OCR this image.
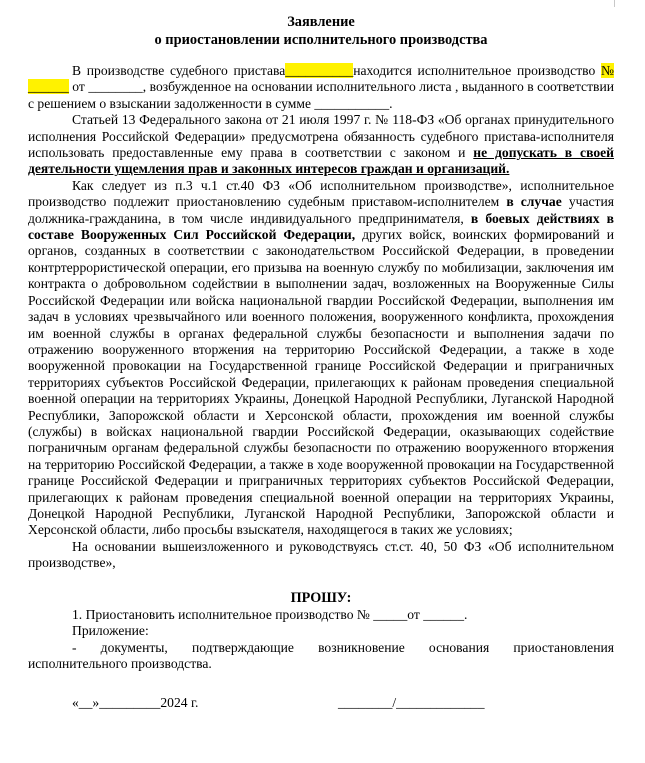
Заявление
о приостановлении исполнительного производства

В производстве судебного пристава__________находится исполнительное производство № ______ от ________, возбужденное на основании исполнительного листа , выданного в соответствии с решением о взыскании задолженности в сумме ___________.

Статьей 13 Федерального закона от 21 июля 1997 г. № 118-ФЗ «Об органах принудительного исполнения Российской Федерации» предусмотрена обязанность судебного пристава-исполнителя использовать предоставленные ему права в соответствии с законом и не допускать в своей деятельности ущемления прав и законных интересов граждан и организаций.

Как следует из п.3 ч.1 ст.40 ФЗ «Об исполнительном производстве», исполнительное производство подлежит приостановлению судебным приставом-исполнителем в случае участия должника-гражданина, в том числе индивидуального предпринимателя, в боевых действиях в составе Вооруженных Сил Российской Федерации, других войск, воинских формирований и органов, созданных в соответствии с законодательством Российской Федерации, в проведении контртеррористической операции, его призыва на военную службу по мобилизации, заключения им контракта о добровольном содействии в выполнении задач, возложенных на Вооруженные Силы Российской Федерации или войска национальной гвардии Российской Федерации, выполнения им задач в условиях чрезвычайного или военного положения, вооруженного конфликта, прохождения им военной службы в органах федеральной службы безопасности и выполнения задачи по отражению вооруженного вторжения на территорию Российской Федерации, а также в ходе вооруженной провокации на Государственной границе Российской Федерации и приграничных территориях субъектов Российской Федерации, прилегающих к районам проведения специальной военной операции на территориях Украины, Донецкой Народной Республики, Луганской Народной Республики, Запорожской области и Херсонской области, прохождения им военной службы (службы) в войсках национальной гвардии Российской Федерации, оказывающих содействие пограничным органам федеральной службы безопасности по отражению вооруженного вторжения на территорию Российской Федерации, а также в ходе вооруженной провокации на Государственной границе Российской Федерации и приграничных территориях субъектов Российской Федерации, прилегающих к районам проведения специальной военной операции на территориях Украины, Донецкой Народной Республики, Луганской Народной Республики, Запорожской области и Херсонской области, либо просьбы взыскателя, находящегося в таких же условиях;

На основании вышеизложенного и руководствуясь ст.ст. 40, 50 ФЗ «Об исполнительном производстве»,

ПРОШУ:

1. Приостановить исполнительное производство № _____от ______.

Приложение:

- документы, подтверждающие возникновение основания приостановления

исполнительного производства.

«__»_________2024 г.	________/_____________
